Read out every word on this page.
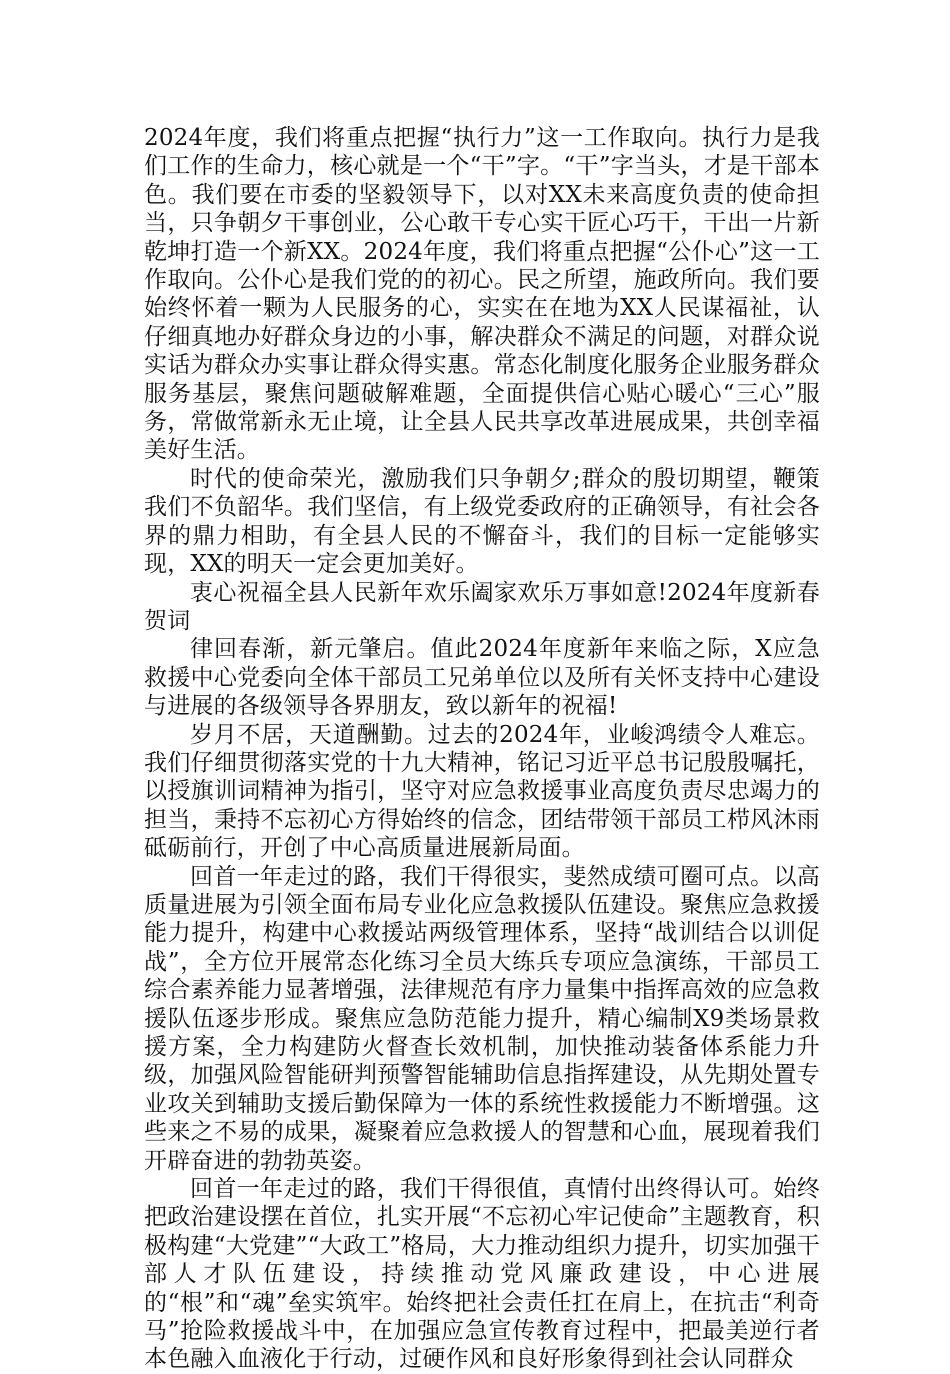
2024年度，我们将重点把握“执行力”这一工作取向。执行力是我们工作的生命力，核心就是一个“干”字。“干”字当头，才是干部本色。我们要在市委的坚毅领导下，以对XX未来高度负责的使命担当，只争朝夕干事创业，公心敢干专心实干匠心巧干，干出一片新乾坤打造一个新XX。2024年度，我们将重点把握“公仆心”这一工作取向。公仆心是我们党的的初心。民之所望，施政所向。我们要始终怀着一颗为人民服务的心，实实在在地为XX人民谋福祉，认仔细真地办好群众身边的小事，解决群众不满足的问题，对群众说实话为群众办实事让群众得实惠。常态化制度化服务企业服务群众服务基层，聚焦问题破解难题，全面提供信心贴心暖心“三心”服务，常做常新永无止境，让全县人民共享改革进展成果，共创幸福美好生活。

时代的使命荣光，激励我们只争朝夕;群众的殷切期望，鞭策我们不负韶华。我们坚信，有上级党委政府的正确领导，有社会各界的鼎力相助，有全县人民的不懈奋斗，我们的目标一定能够实现，XX的明天一定会更加美好。

衷心祝福全县人民新年欢乐阖家欢乐万事如意!2024年度新春贺词

律回春渐，新元肇启。值此2024年度新年来临之际，X应急救援中心党委向全体干部员工兄弟单位以及所有关怀支持中心建设与进展的各级领导各界朋友，致以新年的祝福!

岁月不居，天道酬勤。过去的2024年，业峻鸿绩令人难忘。我们仔细贯彻落实党的十九大精神，铭记习近平总书记殷殷嘱托，以授旗训词精神为指引，坚守对应急救援事业高度负责尽忠竭力的担当，秉持不忘初心方得始终的信念，团结带领干部员工栉风沐雨砥砺前行，开创了中心高质量进展新局面。

回首一年走过的路，我们干得很实，斐然成绩可圈可点。以高质量进展为引领全面布局专业化应急救援队伍建设。聚焦应急救援能力提升，构建中心救援站两级管理体系，坚持“战训结合以训促战”，全方位开展常态化练习全员大练兵专项应急演练，干部员工综合素养能力显著增强，法律规范有序力量集中指挥高效的应急救援队伍逐步形成。聚焦应急防范能力提升，精心编制X9类场景救援方案，全力构建防火督查长效机制，加快推动装备体系能力升级，加强风险智能研判预警智能辅助信息指挥建设，从先期处置专业攻关到辅助支援后勤保障为一体的系统性救援能力不断增强。这些来之不易的成果，凝聚着应急救援人的智慧和心血，展现着我们开辟奋进的勃勃英姿。

回首一年走过的路，我们干得很值，真情付出终得认可。始终把政治建设摆在首位，扎实开展“不忘初心牢记使命”主题教育，积极构建“大党建”“大政工”格局，大力推动组织力提升，切实加强干部人才队伍建设，持续推动党风廉政建设，中心进展的“根”和“魂”垒实筑牢。始终把社会责任扛在肩上，在抗击“利奇马”抢险救援战斗中，在加强应急宣传教育过程中，把最美逆行者本色融入血液化于行动，过硬作风和良好形象得到社会认同群众
